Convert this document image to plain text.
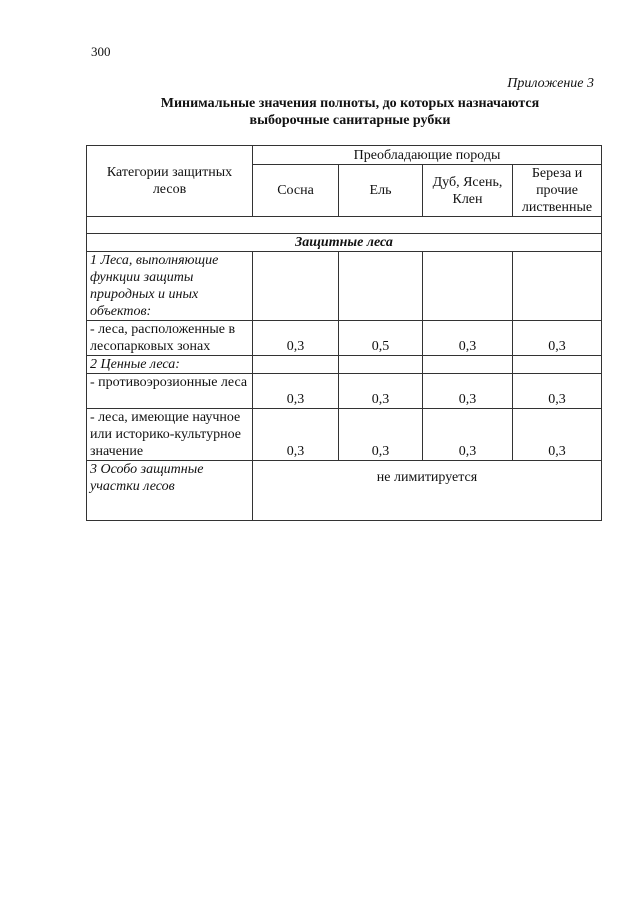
300
Приложение 3
Минимальные значения полноты, до которых назначаются
выборочные санитарные рубки
Категории защитных лесов	Преобладающие породы			
	Сосна	Ель	Дуб, Ясень, Клен	Береза и прочие лиственные

Защитные леса				
1 Леса, выполняющие функции защиты природных и иных объектов:				
- леса, расположенные в лесопарковых зонах	0,3	0,5	0,3	0,3
2 Ценные леса:				
- противоэрозионные леса	0,3	0,3	0,3	0,3
- леса, имеющие научное или историко-культурное значение	0,3	0,3	0,3	0,3
3 Особо защитные участки лесов	не лимитируется			
